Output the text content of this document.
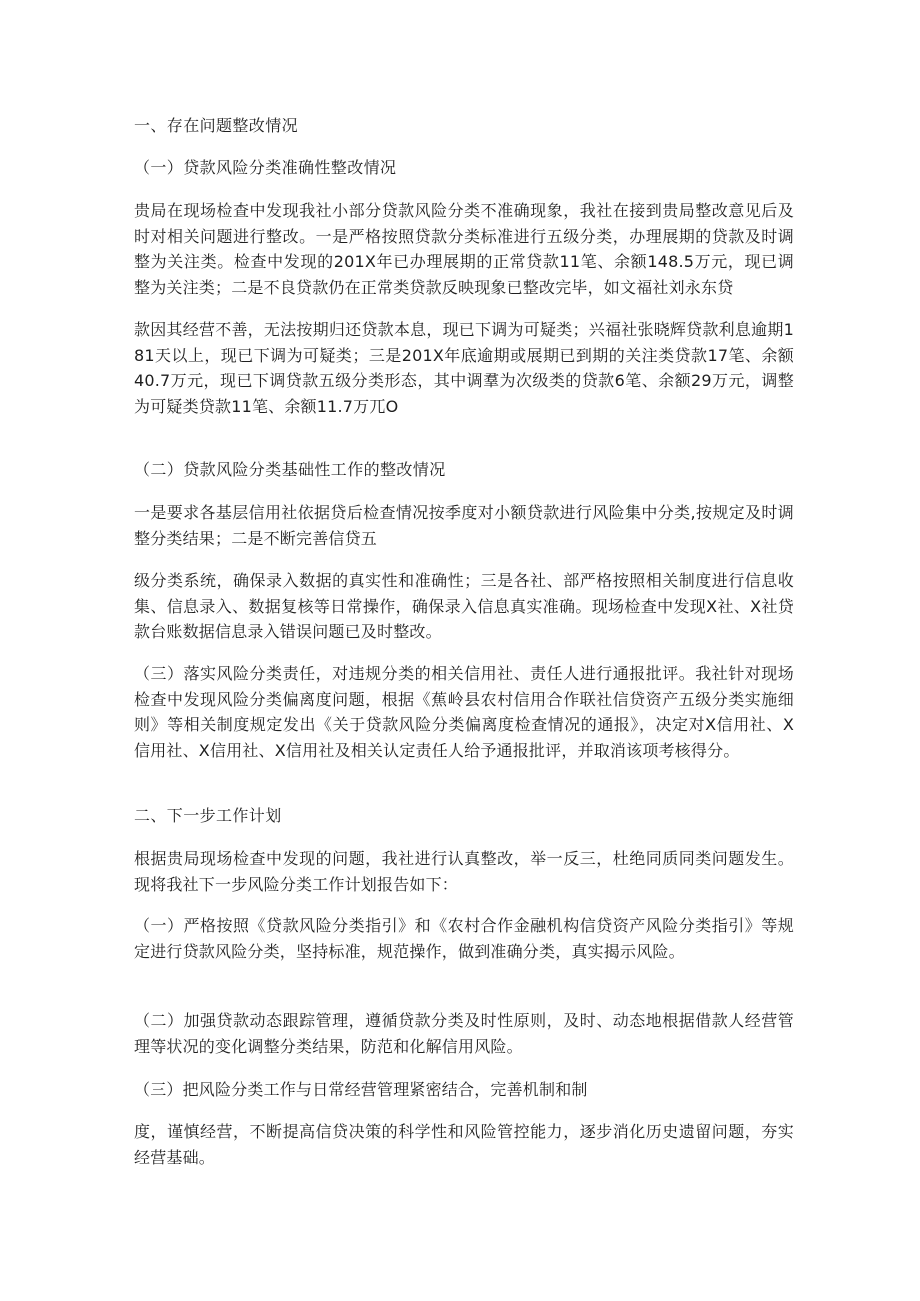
一、存在问题整改情况

（一）贷款风险分类准确性整改情况

贵局在现场检查中发现我社小部分贷款风险分类不准确现象，我社在接到贵局整改意见后及时对相关问题进行整改。一是严格按照贷款分类标准进行五级分类，办理展期的贷款及时调整为关注类。检查中发现的201X年已办理展期的正常贷款11笔、余额148.5万元，现已调整为关注类；二是不良贷款仍在正常类贷款反映现象已整改完毕，如文福社刘永东贷

款因其经营不善，无法按期归还贷款本息，现已下调为可疑类；兴福社张晓辉贷款利息逾期181天以上，现已下调为可疑类；三是201X年底逾期或展期已到期的关注类贷款17笔、余额40.7万元，现已下调贷款五级分类形态，其中调羣为次级类的贷款6笔、余额29万元，调整为可疑类贷款11笔、余额11.7万兀O

（二）贷款风险分类基础性工作的整改情况

一是要求各基层信用社依据贷后检查情况按季度对小额贷款进行风险集中分类,按规定及时调整分类结果；二是不断完善信贷五

级分类系统，确保录入数据的真实性和准确性；三是各社、部严格按照相关制度进行信息收集、信息录入、数据复核等日常操作，确保录入信息真实准确。现场检查中发现X社、X社贷款台账数据信息录入错误问题已及时整改。

（三）落实风险分类责任，对违规分类的相关信用社、责任人进行通报批评。我社针对现场检查中发现风险分类偏离度问题，根据《蕉岭县农村信用合作联社信贷资产五级分类实施细则》等相关制度规定发出《关于贷款风险分类偏离度检查情况的通报》，决定对X信用社、X信用社、X信用社、X信用社及相关认定责任人给予通报批评，并取消该项考核得分。

二、下一步工作计划

根据贵局现场检查中发现的问题，我社进行认真整改，举一反三，杜绝同质同类问题发生。现将我社下一步风险分类工作计划报告如下：

（一）严格按照《贷款风险分类指引》和《农村合作金融机构信贷资产风险分类指引》等规定进行贷款风险分类，坚持标准，规范操作，做到准确分类，真实揭示风险。

（二）加强贷款动态跟踪管理，遵循贷款分类及时性原则，及时、动态地根据借款人经营管理等状况的变化调整分类结果，防范和化解信用风险。

（三）把风险分类工作与日常经营管理紧密结合，完善机制和制

度，谨慎经营，不断提高信贷决策的科学性和风险管控能力，逐步消化历史遗留问题，夯实经营基础。
